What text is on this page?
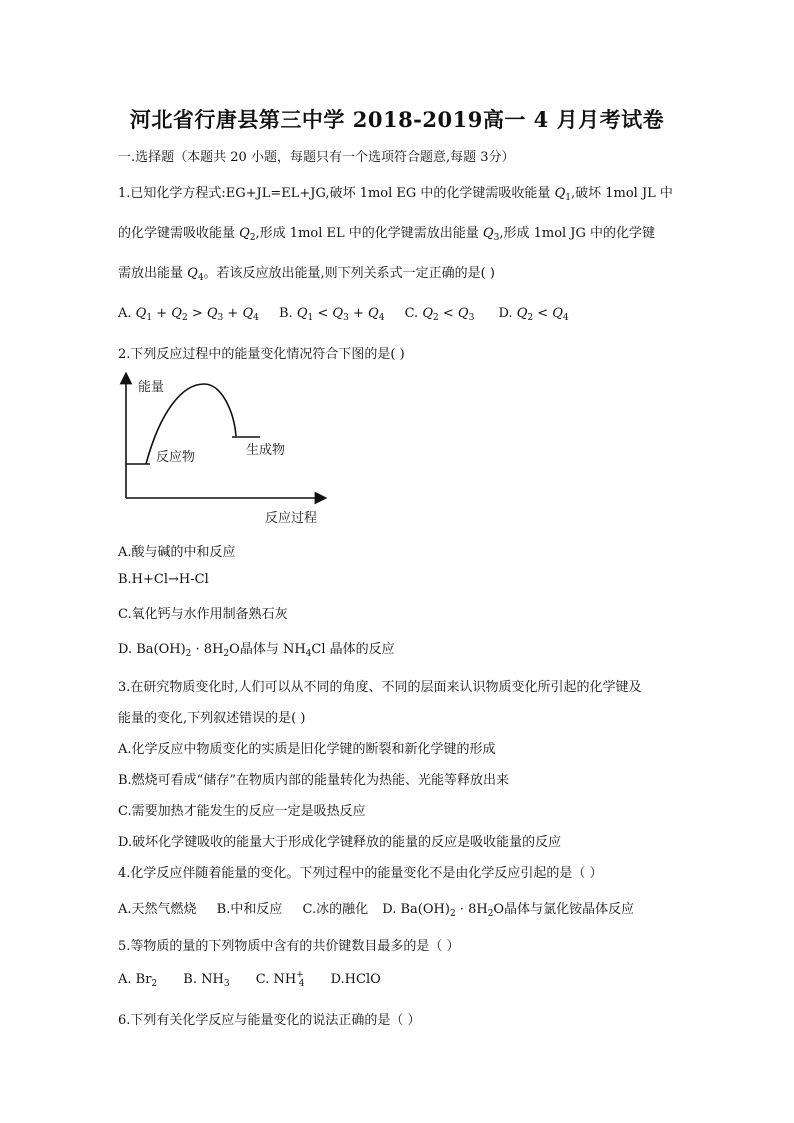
河北省行唐县第三中学 2018-2019高一 4 月月考试卷
一.选择题（本题共 20 小题，每题只有一个选项符合题意,每题 3分）
1.已知化学方程式:EG+JL=EL+JG,破坏 1mol EG 中的化学键需吸收能量 $Q_1$,破坏 1mol JL 中
的化学键需吸收能量 $Q_2$,形成 1mol EL 中的化学键需放出能量 $Q_3$,形成 1mol JG 中的化学键
需放出能量 $Q_4$。若该反应放出能量,则下列关系式一定正确的是( )
A. $Q_1 + Q_2 > Q_3 + Q_4$ B. $Q_1 < Q_3 + Q_4$ C. $Q_2 < Q_3$ D. $Q_2 < Q_4$
2.下列反应过程中的能量变化情况符合下图的是( )
能量
反应物	生成物
反应过程
A.酸与碱的中和反应
B.H+Cl→H-Cl
C.氧化钙与水作用制备熟石灰
D. $Ba(OH)_2 \cdot 8H_2O$晶体与 $NH_4Cl$ 晶体的反应
3.在研究物质变化时,人们可以从不同的角度、不同的层面来认识物质变化所引起的化学键及
能量的变化,下列叙述错误的是( )
A.化学反应中物质变化的实质是旧化学键的断裂和新化学键的形成
B.燃烧可看成“储存”在物质内部的能量转化为热能、光能等释放出来
C.需要加热才能发生的反应一定是吸热反应
D.破坏化学键吸收的能量大于形成化学键释放的能量的反应是吸收能量的反应
4.化学反应伴随着能量的变化。下列过程中的能量变化不是由化学反应引起的是（ ）
A.天然气燃烧 B.中和反应 C.冰的融化 D. $Ba(OH)_2 \cdot 8H_2O$晶体与氯化铵晶体反应
5.等物质的量的下列物质中含有的共价键数目最多的是（ ）
A. $Br_2$ B. $NH_3$ C. $NH^+_4$ D.HClO
6.下列有关化学反应与能量变化的说法正确的是（ ）
